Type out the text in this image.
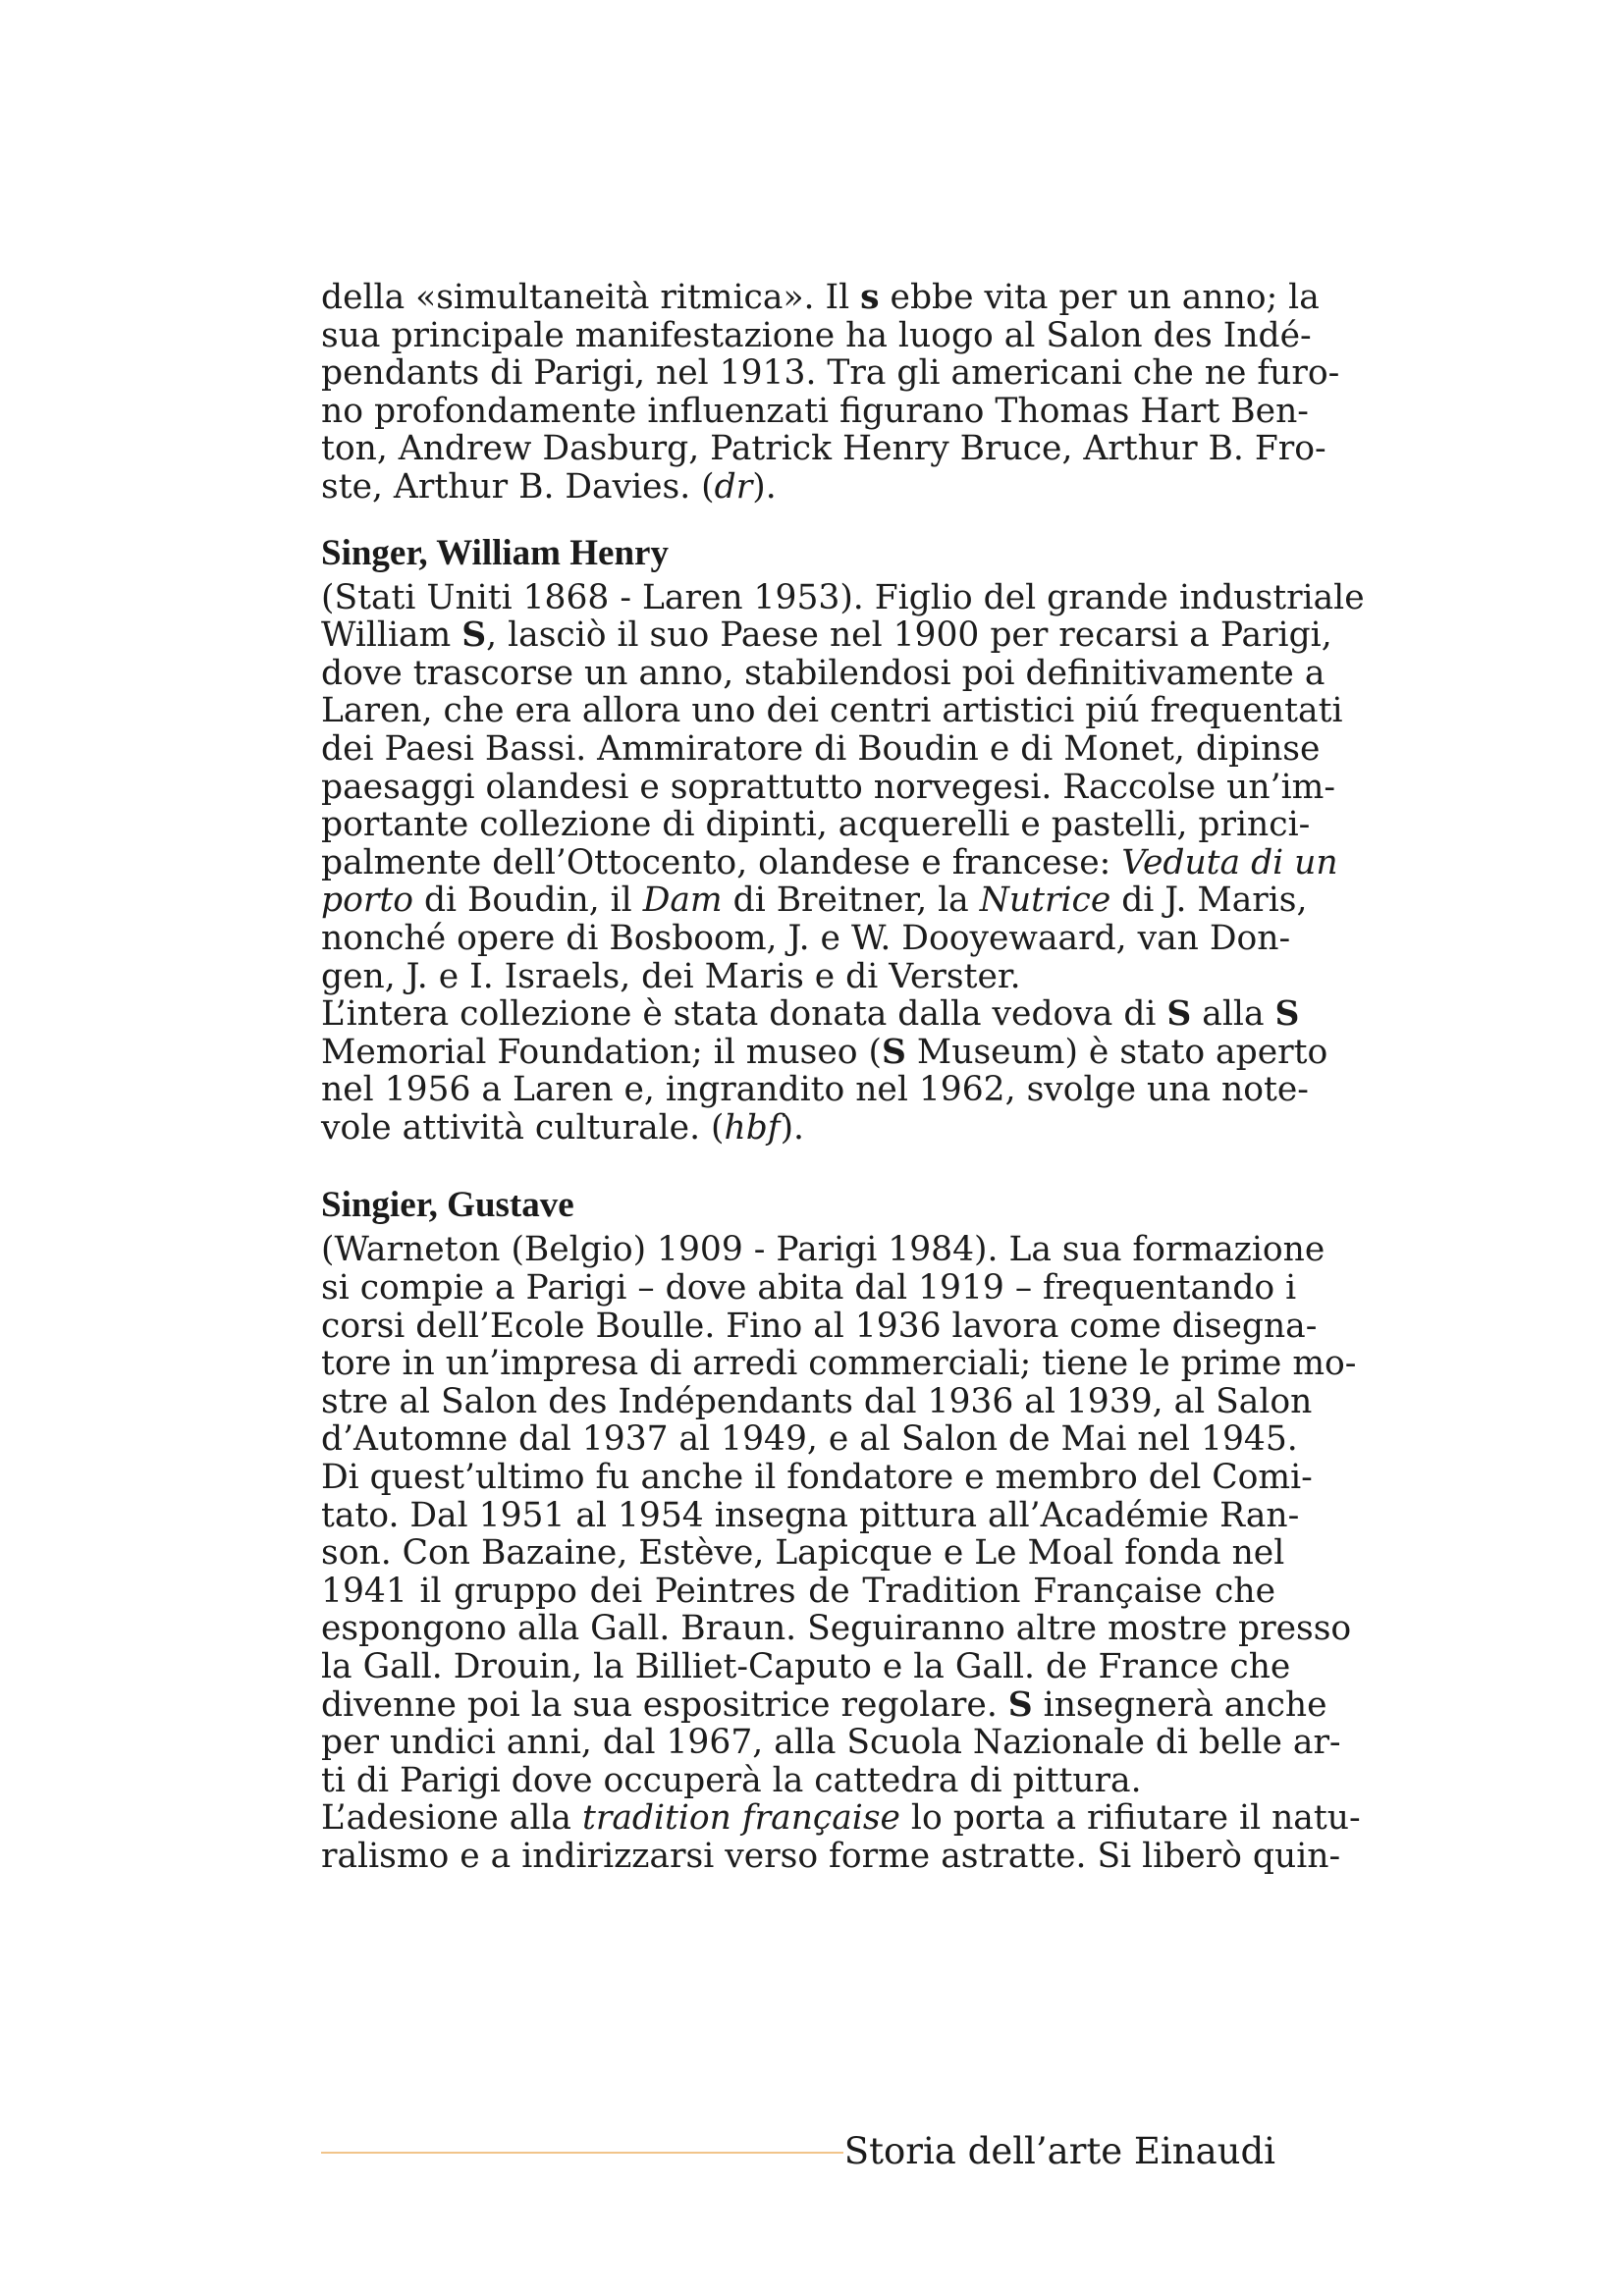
della «simultaneità ritmica». Il s ebbe vita per un anno; la
sua principale manifestazione ha luogo al Salon des Indé-
pendants di Parigi, nel 1913. Tra gli americani che ne furo-
no profondamente influenzati figurano Thomas Hart Ben-
ton, Andrew Dasburg, Patrick Henry Bruce, Arthur B. Fro-
ste, Arthur B. Davies. (dr).
Singer, William Henry
(Stati Uniti 1868 - Laren 1953). Figlio del grande industriale
William S, lasciò il suo Paese nel 1900 per recarsi a Parigi,
dove trascorse un anno, stabilendosi poi definitivamente a
Laren, che era allora uno dei centri artistici piú frequentati
dei Paesi Bassi. Ammiratore di Boudin e di Monet, dipinse
paesaggi olandesi e soprattutto norvegesi. Raccolse un’im-
portante collezione di dipinti, acquerelli e pastelli, princi-
palmente dell’Ottocento, olandese e francese: Veduta di un
porto di Boudin, il Dam di Breitner, la Nutrice di J. Maris,
nonché opere di Bosboom, J. e W. Dooyewaard, van Don-
gen, J. e I. Israels, dei Maris e di Verster.
L’intera collezione è stata donata dalla vedova di S alla S
Memorial Foundation; il museo (S Museum) è stato aperto
nel 1956 a Laren e, ingrandito nel 1962, svolge una note-
vole attività culturale. (hbf).
Singier, Gustave
(Warneton (Belgio) 1909 - Parigi 1984). La sua formazione
si compie a Parigi – dove abita dal 1919 – frequentando i
corsi dell’Ecole Boulle. Fino al 1936 lavora come disegna-
tore in un’impresa di arredi commerciali; tiene le prime mo-
stre al Salon des Indépendants dal 1936 al 1939, al Salon
d’Automne dal 1937 al 1949, e al Salon de Mai nel 1945.
Di quest’ultimo fu anche il fondatore e membro del Comi-
tato. Dal 1951 al 1954 insegna pittura all’Académie Ran-
son. Con Bazaine, Estève, Lapicque e Le Moal fonda nel
1941 il gruppo dei Peintres de Tradition Française che
espongono alla Gall. Braun. Seguiranno altre mostre presso
la Gall. Drouin, la Billiet-Caputo e la Gall. de France che
divenne poi la sua espositrice regolare. S insegnerà anche
per undici anni, dal 1967, alla Scuola Nazionale di belle ar-
ti di Parigi dove occuperà la cattedra di pittura.
L’adesione alla tradition française lo porta a rifiutare il natu-
ralismo e a indirizzarsi verso forme astratte. Si liberò quin-
Storia dell’arte Einaudi
